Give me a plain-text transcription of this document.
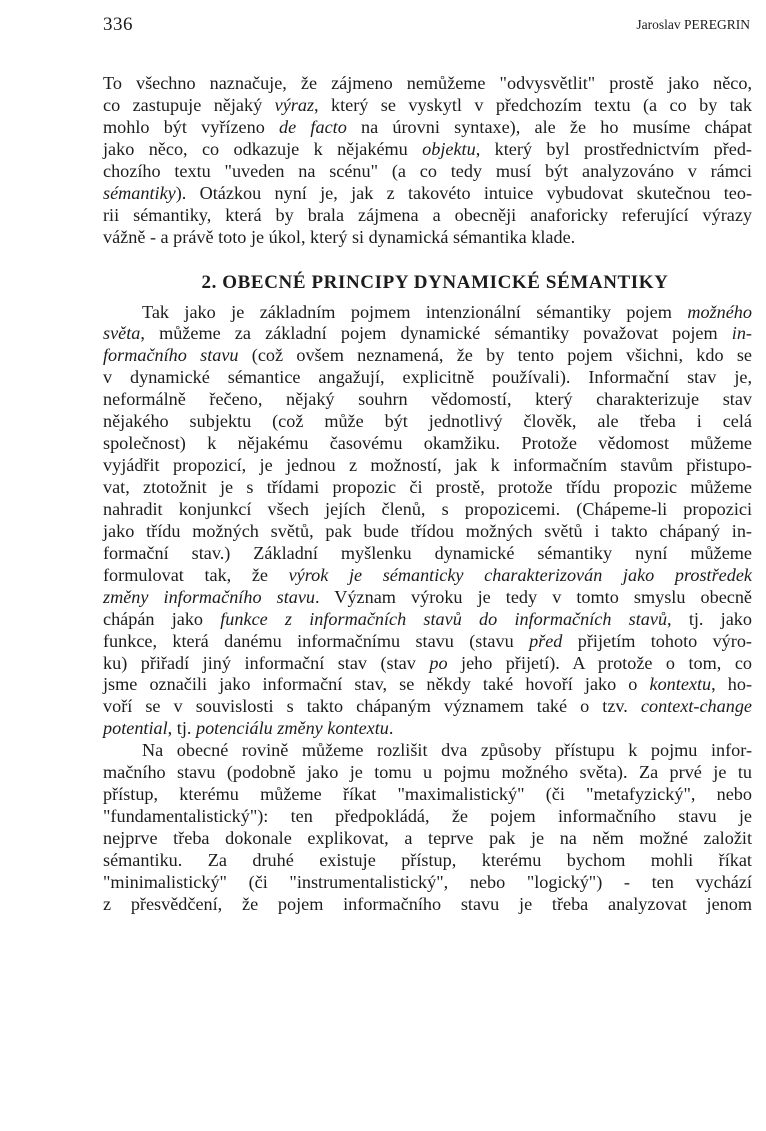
336	Jaroslav PEREGRIN
To všechno naznačuje, že zájmeno nemůžeme "odvysvětlit" prostě jako něco,
co zastupuje nějaký výraz, který se vyskytl v předchozím textu (a co by tak
mohlo být vyřízeno de facto na úrovni syntaxe), ale že ho musíme chápat
jako něco, co odkazuje k nějakému objektu, který byl prostřednictvím před-
chozího textu "uveden na scénu" (a co tedy musí být analyzováno v rámci
sémantiky). Otázkou nyní je, jak z takovéto intuice vybudovat skutečnou teo-
rii sémantiky, která by brala zájmena a obecněji anaforicky referující výrazy
vážně - a právě toto je úkol, který si dynamická sémantika klade.
2. OBECNÉ PRINCIPY DYNAMICKÉ SÉMANTIKY
Tak jako je základním pojmem intenzionální sémantiky pojem možného
světa, můžeme za základní pojem dynamické sémantiky považovat pojem in-
formačního stavu (což ovšem neznamená, že by tento pojem všichni, kdo se
v dynamické sémantice angažují, explicitně používali). Informační stav je,
neformálně řečeno, nějaký souhrn vědomostí, který charakterizuje stav
nějakého subjektu (což může být jednotlivý člověk, ale třeba i celá
společnost) k nějakému časovému okamžiku. Protože vědomost můžeme
vyjádřit propozicí, je jednou z možností, jak k informačním stavům přistupo-
vat, ztotožnit je s třídami propozic či prostě, protože třídu propozic můžeme
nahradit konjunkcí všech jejích členů, s propozicemi. (Chápeme-li propozici
jako třídu možných světů, pak bude třídou možných světů i takto chápaný in-
formační stav.) Základní myšlenku dynamické sémantiky nyní můžeme
formulovat tak, že výrok je sémanticky charakterizován jako prostředek
změny informačního stavu. Význam výroku je tedy v tomto smyslu obecně
chápán jako funkce z informačních stavů do informačních stavů, tj. jako
funkce, která danému informačnímu stavu (stavu před přijetím tohoto výro-
ku) přiřadí jiný informační stav (stav po jeho přijetí). A protože o tom, co
jsme označili jako informační stav, se někdy také hovoří jako o kontextu, ho-
voří se v souvislosti s takto chápaným významem také o tzv. context-change
potential, tj. potenciálu změny kontextu.
Na obecné rovině můžeme rozlišit dva způsoby přístupu k pojmu infor-
mačního stavu (podobně jako je tomu u pojmu možného světa). Za prvé je tu
přístup, kterému můžeme říkat "maximalistický" (či "metafyzický", nebo
"fundamentalistický"): ten předpokládá, že pojem informačního stavu je
nejprve třeba dokonale explikovat, a teprve pak je na něm možné založit
sémantiku. Za druhé existuje přístup, kterému bychom mohli říkat
"minimalistický" (či "instrumentalistický", nebo "logický") - ten vychází
z přesvědčení, že pojem informačního stavu je třeba analyzovat jenom
